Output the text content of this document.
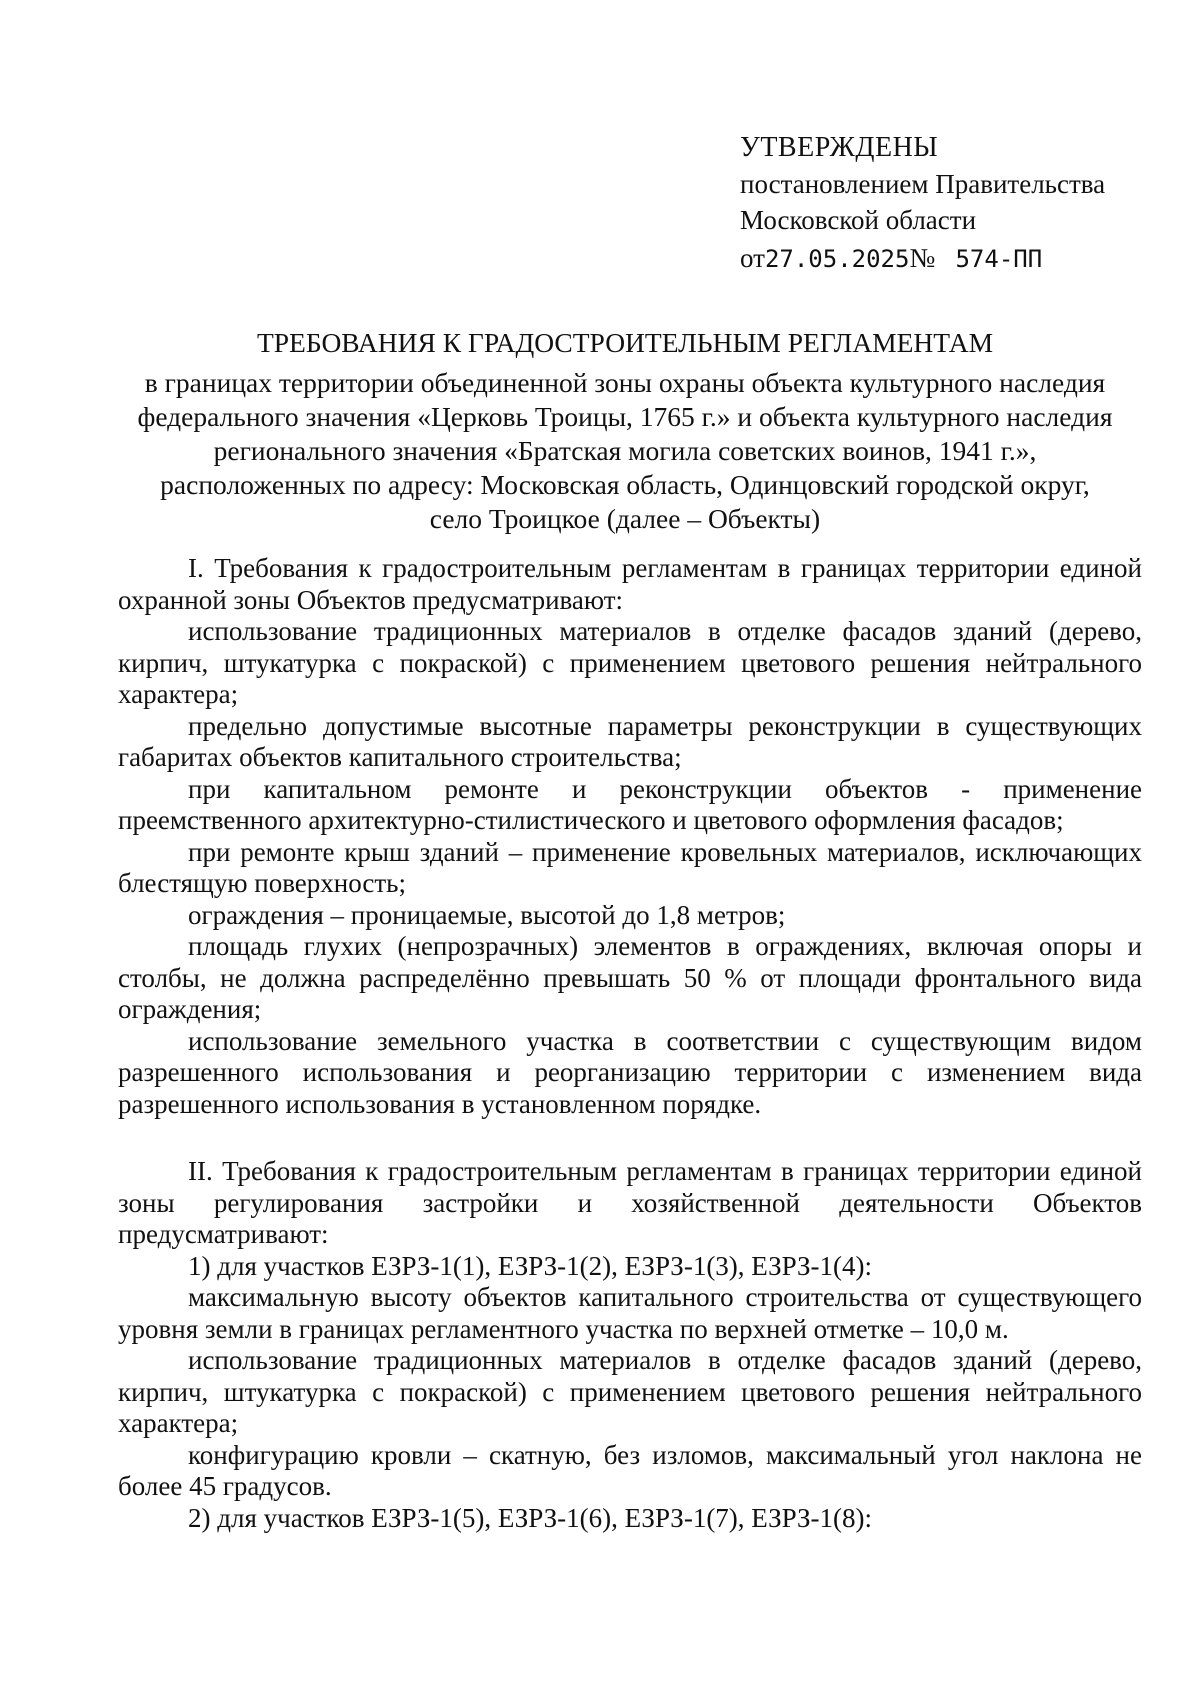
УТВЕРЖДЕНЫ
постановлением Правительства
Московской области
от27.05.2025№ 574-ПП
ТРЕБОВАНИЯ К ГРАДОСТРОИТЕЛЬНЫМ РЕГЛАМЕНТАМ
в границах территории объединенной зоны охраны объекта культурного наследия
федерального значения «Церковь Троицы, 1765 г.» и объекта культурного наследия
регионального значения «Братская могила советских воинов, 1941 г.»,
расположенных по адресу: Московская область, Одинцовский городской округ,
село Троицкое (далее – Объекты)

I. Требования к градостроительным регламентам в границах территории единой охранной зоны Объектов предусматривают:

использование традиционных материалов в отделке фасадов зданий (дерево, кирпич, штукатурка с покраской) с применением цветового решения нейтрального характера;

предельно допустимые высотные параметры реконструкции в существующих габаритах объектов капитального строительства;

при капитальном ремонте и реконструкции объектов - применение преемственного архитектурно-стилистического и цветового оформления фасадов;

при ремонте крыш зданий – применение кровельных материалов, исключающих блестящую поверхность;

ограждения – проницаемые, высотой до 1,8 метров;

площадь глухих (непрозрачных) элементов в ограждениях, включая опоры и столбы, не должна распределённо превышать 50 % от площади фронтального вида ограждения;

использование земельного участка в соответствии с существующим видом разрешенного использования и реорганизацию территории с изменением вида разрешенного использования в установленном порядке.

II. Требования к градостроительным регламентам в границах территории единой зоны регулирования застройки и хозяйственной деятельности Объектов предусматривают:

1) для участков ЕЗРЗ-1(1), ЕЗРЗ-1(2), ЕЗРЗ-1(3), ЕЗРЗ-1(4):

максимальную высоту объектов капитального строительства от существующего уровня земли в границах регламентного участка по верхней отметке – 10,0 м.

использование традиционных материалов в отделке фасадов зданий (дерево, кирпич, штукатурка с покраской) с применением цветового решения нейтрального характера;

конфигурацию кровли – скатную, без изломов, максимальный угол наклона не более 45 градусов.

2) для участков ЕЗРЗ-1(5), ЕЗРЗ-1(6), ЕЗРЗ-1(7), ЕЗРЗ-1(8):
